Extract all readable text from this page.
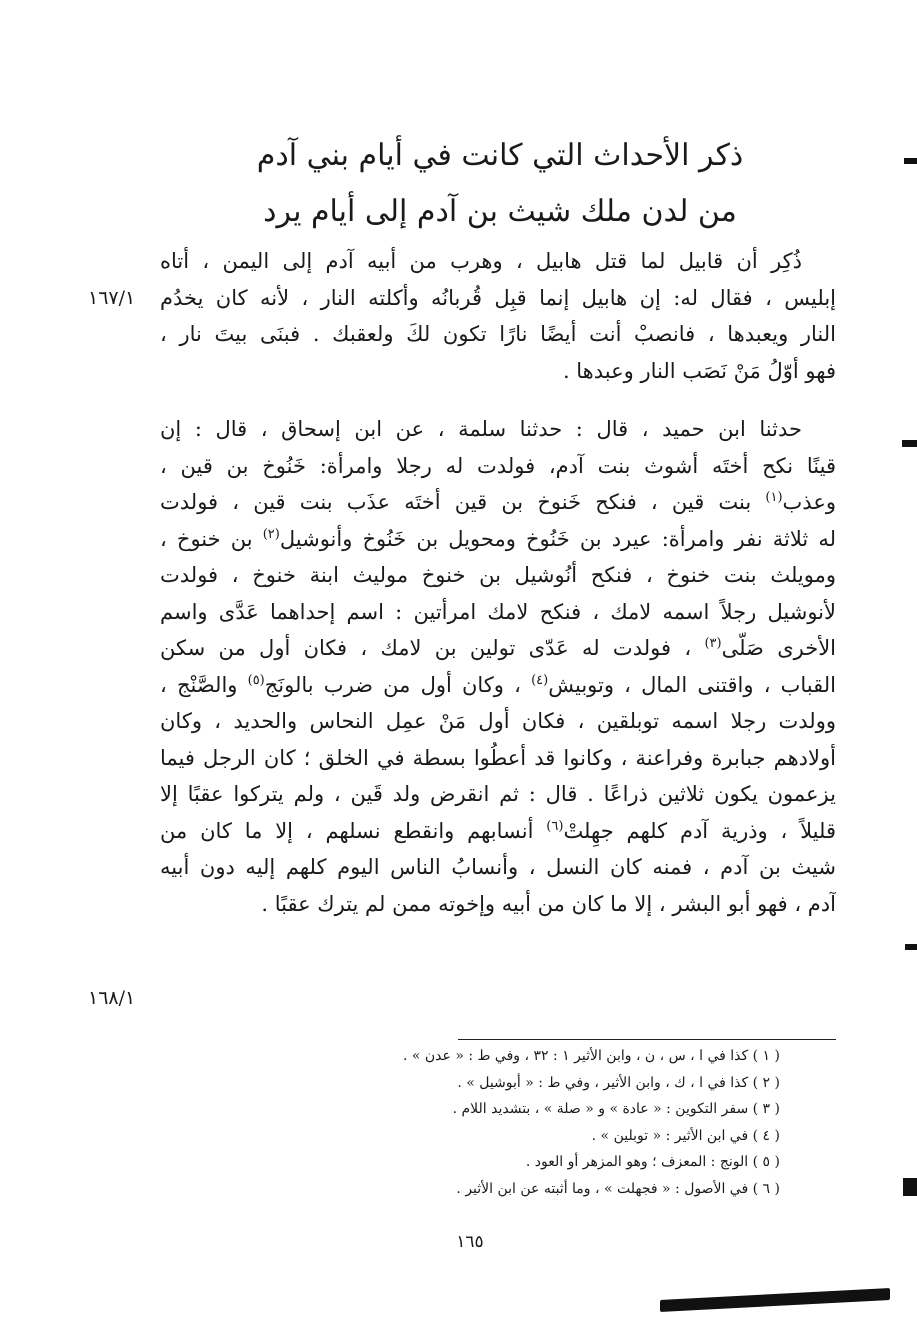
ذكر الأحداث التي كانت في أيام بني آدم
من لدن ملك شيث بن آدم إلى أيام يرد
١٦٧/١
١٦٨/١
ذُكِر أن قابيل لما قتل هابيل ، وهرب من أبيه آدم إلى اليمن ، أتاه
إبليس ، فقال له: إن هابيل إنما قبِل قُربانُه وأكلته النار ، لأنه كان يخدُم
النار ويعبدها ، فانصبْ أنت أيضًا نارًا تكون لكَ ولعقبك . فبنَى بيتَ نار ،
فهو أوّلُ مَنْ نَصَب النار وعبدها .
حدثنا ابن حميد ، قال : حدثنا سلمة ، عن ابن إسحاق ، قال : إن
قينًا نكح أختَه أشوث بنت آدم، فولدت له رجلا وامرأة: خَنُوخ بن قين ،
وعذب$^{(١)}$ بنت قين ، فنكح خَنوخ بن قين أختَه عذَب بنت قين ، فولدت
له ثلاثة نفر وامرأة: عيرد بن خَنُوخ ومحويل بن خَنُوخ وأنوشيل$^{(٢)}$ بن خنوخ ،
ومويلث بنت خنوخ ، فنكح أنُوشيل بن خنوخ موليث ابنة خنوخ ، فولدت
لأنوشيل رجلاً اسمه لامك ، فنكح لامك امرأتين : اسم إحداهما عَدَّى واسم
الأخرى صَلّى$^{(٣)}$ ، فولدت له عَدّى تولين بن لامك ، فكان أول من سكن
القباب ، واقتنى المال ، وتوبيش$^{(٤)}$ ، وكان أول من ضرب بالونَج$^{(٥)}$ والصَّنْج ،
وولدت رجلا اسمه توبلقين ، فكان أول مَنْ عمِل النحاس والحديد ، وكان
أولادهم جبابرة وفراعنة ، وكانوا قد أعطُوا بسطة في الخلق ؛ كان الرجل فيما
يزعمون يكون ثلاثين ذراعًا . قال : ثم انقرض ولد قَين ، ولم يتركوا عقبًا إلا
قليلاً ، وذرية آدم كلهم جهِلتْ$^{(٦)}$ أنسابهم وانقطع نسلهم ، إلا ما كان من
شيث بن آدم ، فمنه كان النسل ، وأنسابُ الناس اليوم كلهم إليه دون أبيه
آدم ، فهو أبو البشر ، إلا ما كان من أبيه وإخوته ممن لم يترك عقبًا .
( ١ ) كذا في ا ، س ، ن ، وابن الأثير ١ : ٣٢ ، وفي ط : « عدن » .
( ٢ ) كذا في ا ، ك ، وابن الأثير ، وفي ط : « أبوشيل » .
( ٣ ) سفر التكوين : « عادة » و « صلة » ، بتشديد اللام .
( ٤ ) في ابن الأثير : « توبلين » .
( ٥ ) الونج : المعزف ؛ وهو المزهر أو العود .
( ٦ ) في الأصول : « فجهلت » ، وما أثبته عن ابن الأثير .
١٦٥
